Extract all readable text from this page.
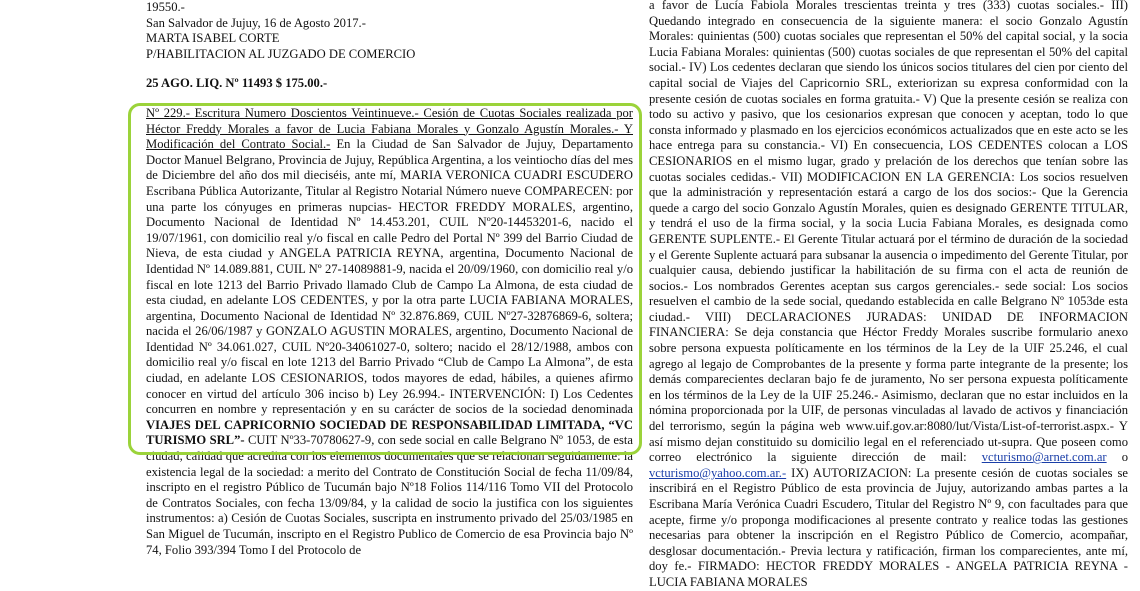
19550.-

San Salvador de Jujuy, 16 de Agosto 2017.-

MARTA ISABEL CORTE

P/HABILITACION AL JUZGADO DE COMERCIO

25 AGO. LIQ. Nº 11493 $ 175.00.-

Nº 229.- Escritura Numero Doscientos Veintinueve.- Cesión de Cuotas Sociales realizada por Héctor Freddy Morales a favor de Lucia Fabiana Morales y Gonzalo Agustín Morales.- Y Modificación del Contrato Social.- En la Ciudad de San Salvador de Jujuy, Departamento Doctor Manuel Belgrano, Provincia de Jujuy, República Argentina, a los veintiocho días del mes de Diciembre del año dos mil dieciséis, ante mí, MARIA VERONICA CUADRI ESCUDERO Escribana Pública Autorizante, Titular al Registro Notarial Número nueve COMPARECEN: por una parte los cónyuges en primeras nupcias- HECTOR FREDDY MORALES, argentino, Documento Nacional de Identidad Nº 14.453.201, CUIL Nº20-14453201-6, nacido el 19/07/1961, con domicilio real y/o fiscal en calle Pedro del Portal Nº 399 del Barrio Ciudad de Nieva, de esta ciudad y ANGELA PATRICIA REYNA, argentina, Documento Nacional de Identidad Nº 14.089.881, CUIL Nº 27-14089881-9, nacida el 20/09/1960, con domicilio real y/o fiscal en lote 1213 del Barrio Privado llamado Club de Campo La Almona, de esta ciudad de esta ciudad, en adelante LOS CEDENTES, y por la otra parte LUCIA FABIANA MORALES, argentina, Documento Nacional de Identidad Nº 32.876.869, CUIL Nº27-32876869-6, soltera; nacida el 26/06/1987 y GONZALO AGUSTIN MORALES, argentino, Documento Nacional de Identidad Nº 34.061.027, CUIL Nº20-34061027-0, soltero; nacido el 28/12/1988, ambos con domicilio real y/o fiscal en lote 1213 del Barrio Privado “Club de Campo La Almona”, de esta ciudad, en adelante LOS CESIONARIOS, todos mayores de edad, hábiles, a quienes afirmo conocer en virtud del artículo 306 inciso b) Ley 26.994.- INTERVENCIÓN: I) Los Cedentes concurren en nombre y representación y en su carácter de socios de la sociedad denominada VIAJES DEL CAPRICORNIO SOCIEDAD DE RESPONSABILIDAD LIMITADA, “VC TURISMO SRL”- CUIT Nº33-70780627-9, con sede social en calle Belgrano Nº 1053, de esta ciudad, calidad que acredita con los elementos documentales que se relacionan seguidamente: la existencia legal de la sociedad: a merito del Contrato de Constitución Social de fecha 11/09/84, inscripto en el registro Público de Tucumán bajo Nº18 Folios 114/116 Tomo VII del Protocolo de Contratos Sociales, con fecha 13/09/84, y la calidad de socio la justifica con los siguientes instrumentos: a) Cesión de Cuotas Sociales, suscripta en instrumento privado del 25/03/1985 en San Miguel de Tucumán, inscripto en el Registro Publico de Comercio de esa Provincia bajo Nº 74, Folio 393/394 Tomo I del Protocolo de

a favor de Lucía Fabiola Morales trescientas treinta y tres (333) cuotas sociales.- III) Quedando integrado en consecuencia de la siguiente manera: el socio Gonzalo Agustín Morales: quinientas (500) cuotas sociales que representan el 50% del capital social, y la socia Lucia Fabiana Morales: quinientas (500) cuotas sociales de que representan el 50% del capital social.- IV) Los cedentes declaran que siendo los únicos socios titulares del cien por ciento del capital social de Viajes del Capricornio SRL, exteriorizan su expresa conformidad con la presente cesión de cuotas sociales en forma gratuita.- V) Que la presente cesión se realiza con todo su activo y pasivo, que los cesionarios expresan que conocen y aceptan, todo lo que consta informado y plasmado en los ejercicios económicos actualizados que en este acto se les hace entrega para su constancia.- VI) En consecuencia, LOS CEDENTES colocan a LOS CESIONARIOS en el mismo lugar, grado y prelación de los derechos que tenían sobre las cuotas sociales cedidas.- VII) MODIFICACION EN LA GERENCIA: Los socios resuelven que la administración y representación estará a cargo de los dos socios:- Que la Gerencia quede a cargo del socio Gonzalo Agustín Morales, quien es designado GERENTE TITULAR, y tendrá el uso de la firma social, y la socia Lucia Fabiana Morales, es designada como GERENTE SUPLENTE.- El Gerente Titular actuará por el término de duración de la sociedad y el Gerente Suplente actuará para subsanar la ausencia o impedimento del Gerente Titular, por cualquier causa, debiendo justificar la habilitación de su firma con el acta de reunión de socios.- Los nombrados Gerentes aceptan sus cargos gerenciales.- sede social: Los socios resuelven el cambio de la sede social, quedando establecida en calle Belgrano Nº 1053de esta ciudad.- VIII) DECLARACIONES JURADAS: UNIDAD DE INFORMACION FINANCIERA: Se deja constancia que Héctor Freddy Morales suscribe formulario anexo sobre persona expuesta políticamente en los términos de la Ley de la UIF 25.246, el cual agrego al legajo de Comprobantes de la presente y forma parte integrante de la presente; los demás comparecientes declaran bajo fe de juramento, No ser persona expuesta políticamente en los términos de la Ley de la UIF 25.246.- Asimismo, declaran que no estar incluidos en la nómina proporcionada por la UIF, de personas vinculadas al lavado de activos y financiación del terrorismo, según la página web www.uif.gov.ar:8080/lut/Vista/List-of-terrorist.aspx.- Y así mismo dejan constituido su domicilio legal en el referenciado ut-supra. Que poseen como correo electrónico la siguiente dirección de mail: vcturismo@arnet.com.ar o vcturismo@yahoo.com.ar.- IX) AUTORIZACION: La presente cesión de cuotas sociales se inscribirá en el Registro Público de esta provincia de Jujuy, autorizando ambas partes a la Escribana María Verónica Cuadri Escudero, Titular del Registro Nº 9, con facultades para que acepte, firme y/o proponga modificaciones al presente contrato y realice todas las gestiones necesarias para obtener la inscripción en el Registro Público de Comercio, acompañar, desglosar documentación.- Previa lectura y ratificación, firman los comparecientes, ante mí, doy fe.- FIRMADO: HECTOR FREDDY MORALES - ANGELA PATRICIA REYNA - LUCIA FABIANA MORALES
